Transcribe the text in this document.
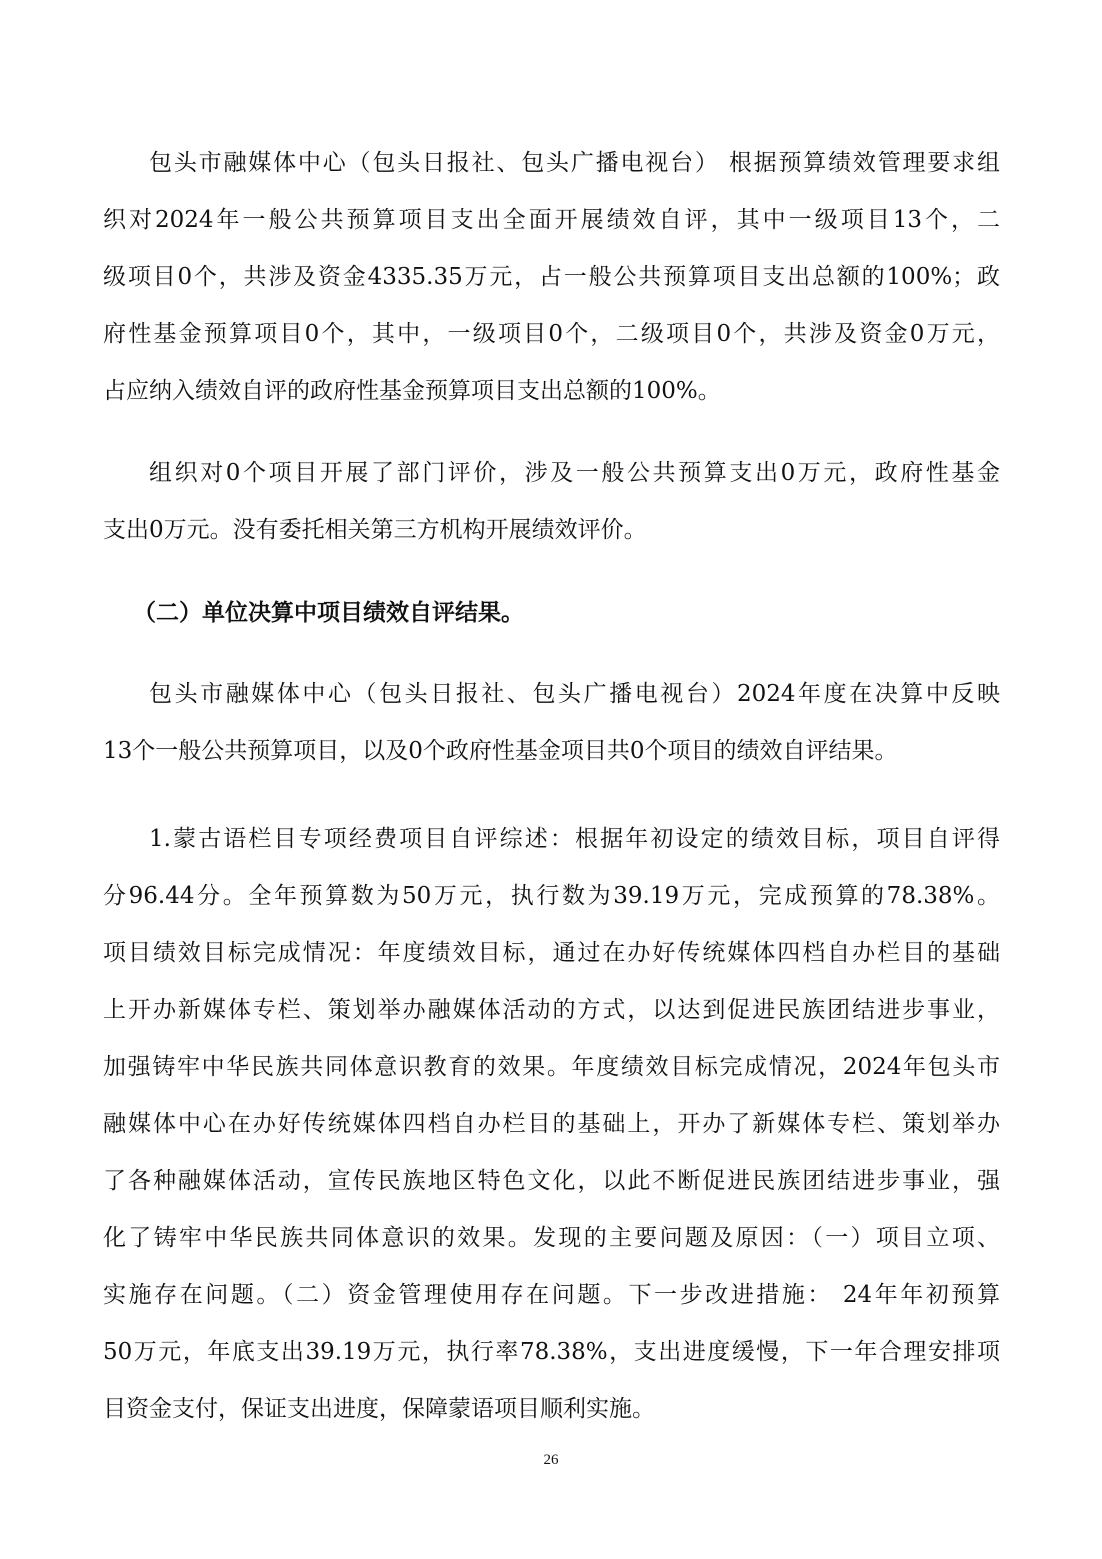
包头市融媒体中心（包头日报社、包头广播电视台） 根据预算绩效管理要求组
织对2024年一般公共预算项目支出全面开展绩效自评，其中一级项目13个，二
级项目0个，共涉及资金4335.35万元，占一般公共预算项目支出总额的100%；政
府性基金预算项目0个，其中，一级项目0个，二级项目0个，共涉及资金0万元，
占应纳入绩效自评的政府性基金预算项目支出总额的100%。
组织对0个项目开展了部门评价，涉及一般公共预算支出0万元，政府性基金
支出0万元。没有委托相关第三方机构开展绩效评价。
（二）单位决算中项目绩效自评结果。
包头市融媒体中心（包头日报社、包头广播电视台）2024年度在决算中反映
13个一般公共预算项目，以及0个政府性基金项目共0个项目的绩效自评结果。
1.蒙古语栏目专项经费项目自评综述：根据年初设定的绩效目标，项目自评得
分96.44分。全年预算数为50万元，执行数为39.19万元，完成预算的78.38%。
项目绩效目标完成情况：年度绩效目标，通过在办好传统媒体四档自办栏目的基础
上开办新媒体专栏、策划举办融媒体活动的方式，以达到促进民族团结进步事业，
加强铸牢中华民族共同体意识教育的效果。年度绩效目标完成情况，2024年包头市
融媒体中心在办好传统媒体四档自办栏目的基础上，开办了新媒体专栏、策划举办
了各种融媒体活动，宣传民族地区特色文化，以此不断促进民族团结进步事业，强
化了铸牢中华民族共同体意识的效果。发现的主要问题及原因：（一）项目立项、
实施存在问题。（二）资金管理使用存在问题。下一步改进措施： 24年年初预算
50万元，年底支出39.19万元，执行率78.38%，支出进度缓慢，下一年合理安排项
目资金支付，保证支出进度，保障蒙语项目顺利实施。
26
